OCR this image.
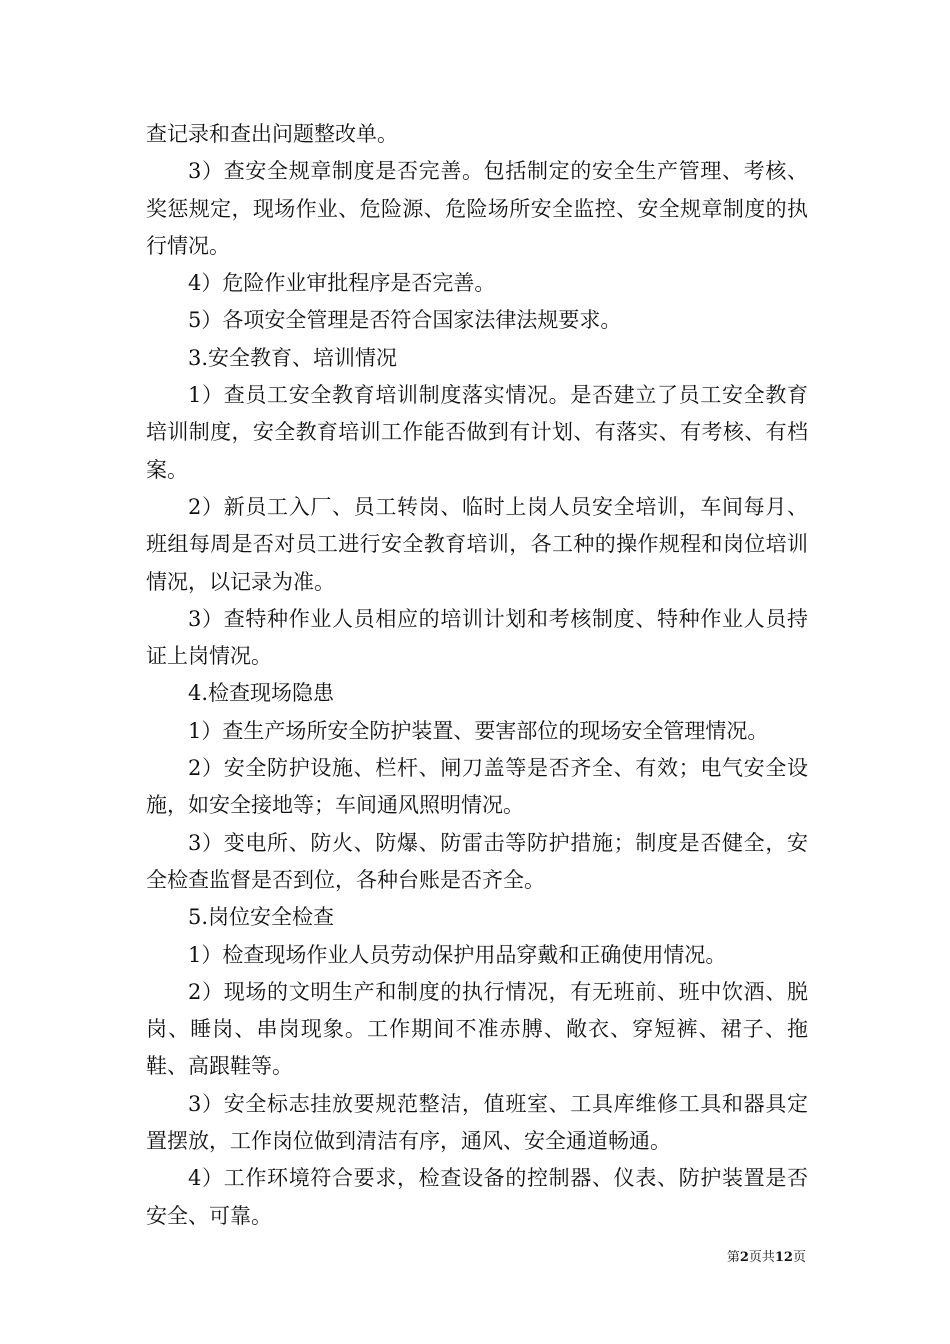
查记录和查出问题整改单。

3）查安全规章制度是否完善。包括制定的安全生产管理、考核、奖惩规定，现场作业、危险源、危险场所安全监控、安全规章制度的执行情况。

4）危险作业审批程序是否完善。

5）各项安全管理是否符合国家法律法规要求。

3.安全教育、培训情况

1）查员工安全教育培训制度落实情况。是否建立了员工安全教育培训制度，安全教育培训工作能否做到有计划、有落实、有考核、有档案。

2）新员工入厂、员工转岗、临时上岗人员安全培训，车间每月、班组每周是否对员工进行安全教育培训，各工种的操作规程和岗位培训情况，以记录为准。

3）查特种作业人员相应的培训计划和考核制度、特种作业人员持证上岗情况。

4.检查现场隐患

1）查生产场所安全防护装置、要害部位的现场安全管理情况。

2）安全防护设施、栏杆、闸刀盖等是否齐全、有效；电气安全设施，如安全接地等；车间通风照明情况。

3）变电所、防火、防爆、防雷击等防护措施；制度是否健全，安全检查监督是否到位，各种台账是否齐全。

5.岗位安全检查

1）检查现场作业人员劳动保护用品穿戴和正确使用情况。

2）现场的文明生产和制度的执行情况，有无班前、班中饮酒、脱岗、睡岗、串岗现象。工作期间不准赤膊、敞衣、穿短裤、裙子、拖鞋、高跟鞋等。

3）安全标志挂放要规范整洁，值班室、工具库维修工具和器具定置摆放，工作岗位做到清洁有序，通风、安全通道畅通。

4）工作环境符合要求，检查设备的控制器、仪表、防护装置是否安全、可靠。

第2页共12页
